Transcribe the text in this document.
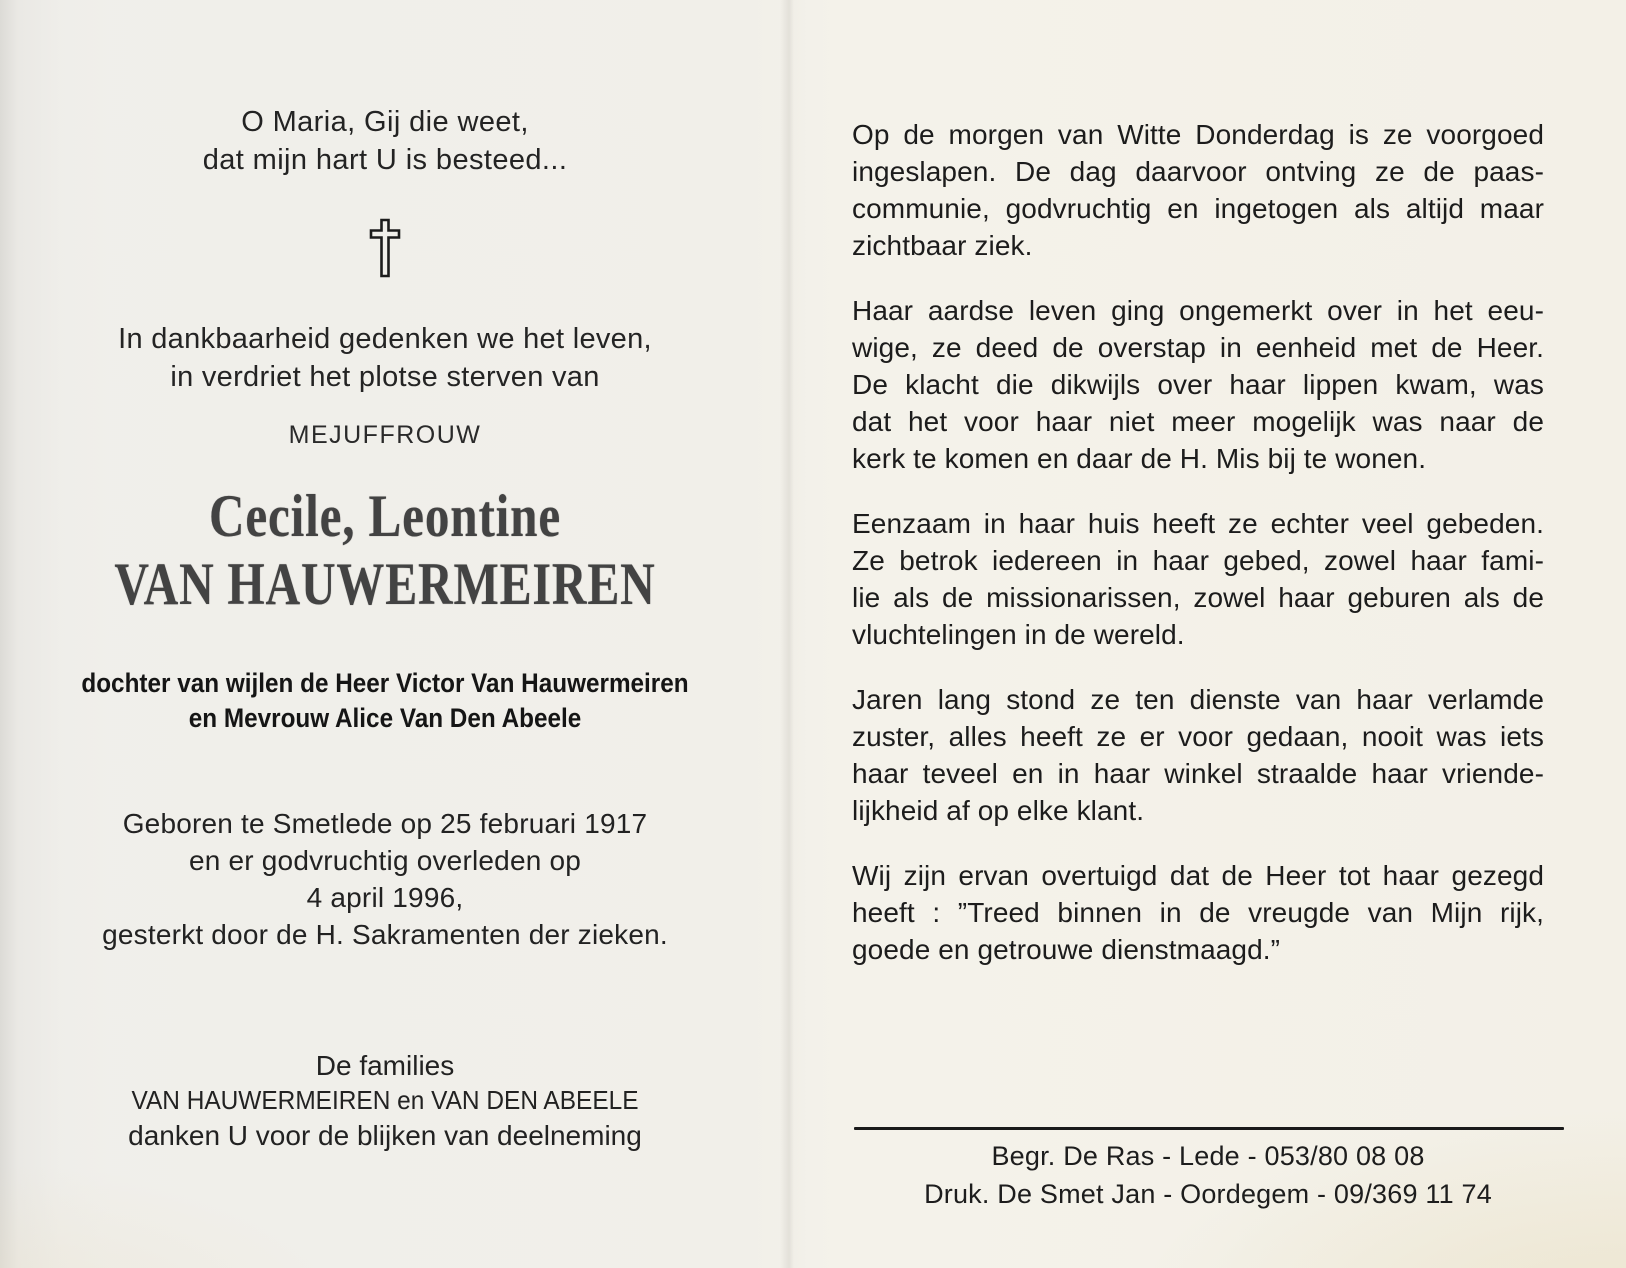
O Maria, Gij die weet,
dat mijn hart U is besteed...
In dankbaarheid gedenken we het leven,
in verdriet het plotse sterven van
MEJUFFROUW
Cecile, Leontine
VAN HAUWERMEIREN
dochter van wijlen de Heer Victor Van Hauwermeiren
en Mevrouw Alice Van Den Abeele
Geboren te Smetlede op 25 februari 1917
en er godvruchtig overleden op
4 april 1996,
gesterkt door de H. Sakramenten der zieken.
De families
VAN HAUWERMEIREN en VAN DEN ABEELE
danken U voor de blijken van deelneming
Op de morgen van Witte Donderdag is ze voorgoed
ingeslapen. De dag daarvoor ontving ze de paas-
communie, godvruchtig en ingetogen als altijd maar
zichtbaar ziek.
Haar aardse leven ging ongemerkt over in het eeu-
wige, ze deed de overstap in eenheid met de Heer.
De klacht die dikwijls over haar lippen kwam, was
dat het voor haar niet meer mogelijk was naar de
kerk te komen en daar de H. Mis bij te wonen.
Eenzaam in haar huis heeft ze echter veel gebeden.
Ze betrok iedereen in haar gebed, zowel haar fami-
lie als de missionarissen, zowel haar geburen als de
vluchtelingen in de wereld.
Jaren lang stond ze ten dienste van haar verlamde
zuster, alles heeft ze er voor gedaan, nooit was iets
haar teveel en in haar winkel straalde haar vriende-
lijkheid af op elke klant.
Wij zijn ervan overtuigd dat de Heer tot haar gezegd
heeft : ”Treed binnen in de vreugde van Mijn rijk,
goede en getrouwe dienstmaagd.”
Begr. De Ras - Lede - 053/80 08 08
Druk. De Smet Jan - Oordegem - 09/369 11 74
